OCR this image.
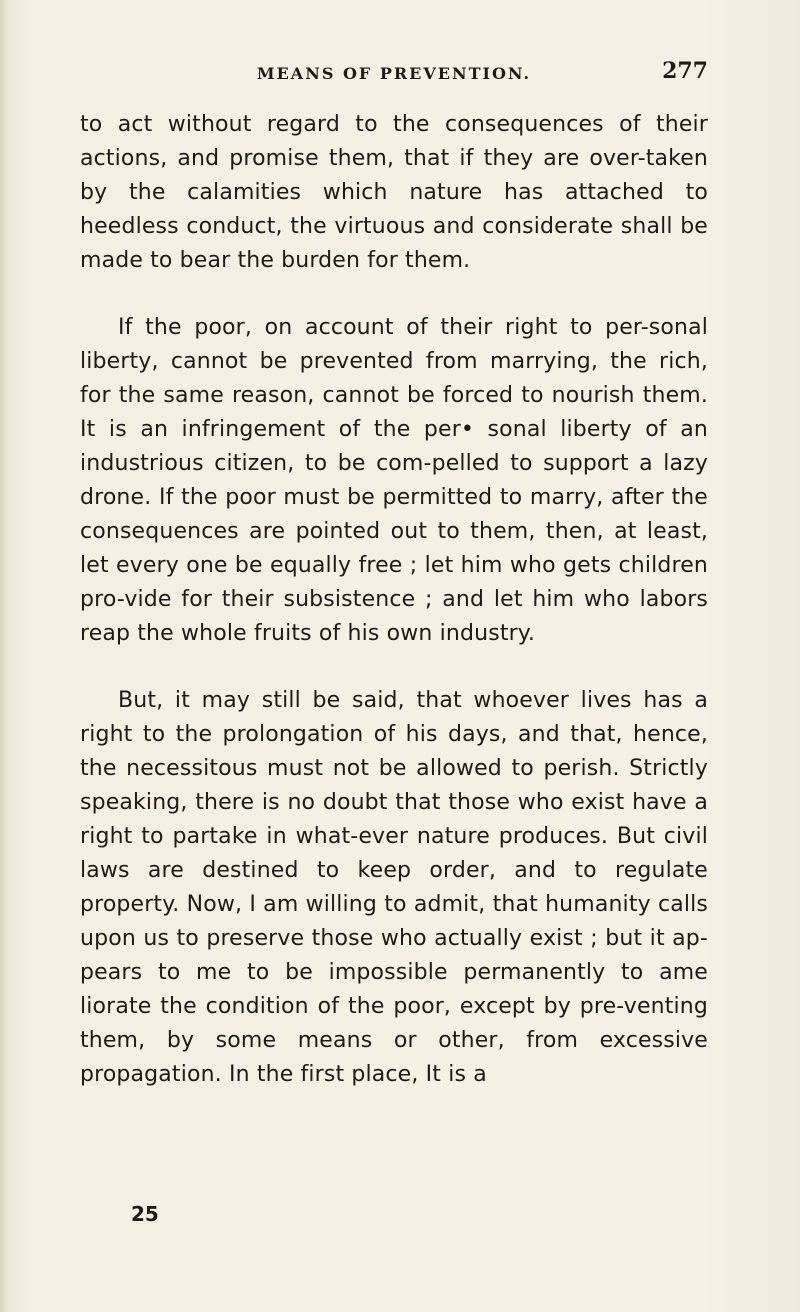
MEANS OF PREVENTION.	277

to act without regard to the consequences of their actions, and promise them, that if they are over-taken by the calamities which nature has attached to heedless conduct, the virtuous and considerate shall be made to bear the burden for them.

If the poor, on account of their right to per-sonal liberty, cannot be prevented from marrying, the rich, for the same reason, cannot be forced to nourish them. It is an infringement of the per• sonal liberty of an industrious citizen, to be com-pelled to support a lazy drone. If the poor must be permitted to marry, after the consequences are pointed out to them, then, at least, let every one be equally free ; let him who gets children pro-vide for their subsistence ; and let him who labors reap the whole fruits of his own industry.

But, it may still be said, that whoever lives has a right to the prolongation of his days, and that, hence, the necessitous must not be allowed to perish. Strictly speaking, there is no doubt that those who exist have a right to partake in what-ever nature produces. But civil laws are destined to keep order, and to regulate property. Now, I am willing to admit, that humanity calls upon us to preserve those who actually exist ; but it ap-pears to me to be impossible permanently to ame liorate the condition of the poor, except by pre-venting them, by some means or other, from excessive propagation. In the first place, It is a

25
